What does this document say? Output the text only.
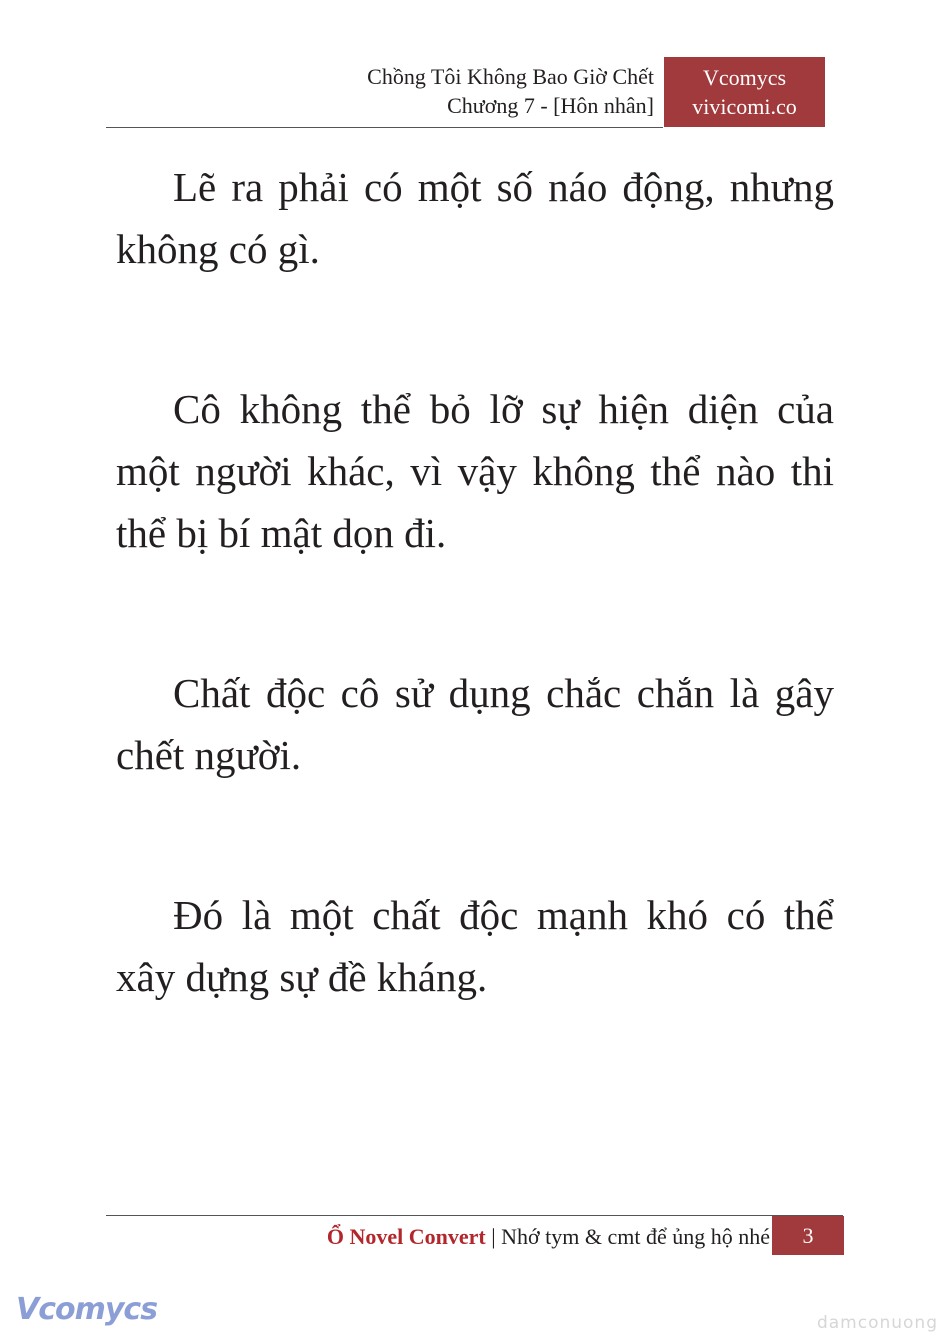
Chồng Tôi Không Bao Giờ Chết
Chương 7 - [Hôn nhân]
Vcomycs
vivicomi.co

Lẽ ra phải có một số náo động, nhưng không có gì.

Cô không thể bỏ lỡ sự hiện diện của một người khác, vì vậy không thể nào thi thể bị bí mật dọn đi.

Chất độc cô sử dụng chắc chắn là gây chết người.

Đó là một chất độc mạnh khó có thể xây dựng sự đề kháng.

Ổ Novel Convert | Nhớ tym & cmt để ủng hộ nhé	3
Vcomycs	damconuong
